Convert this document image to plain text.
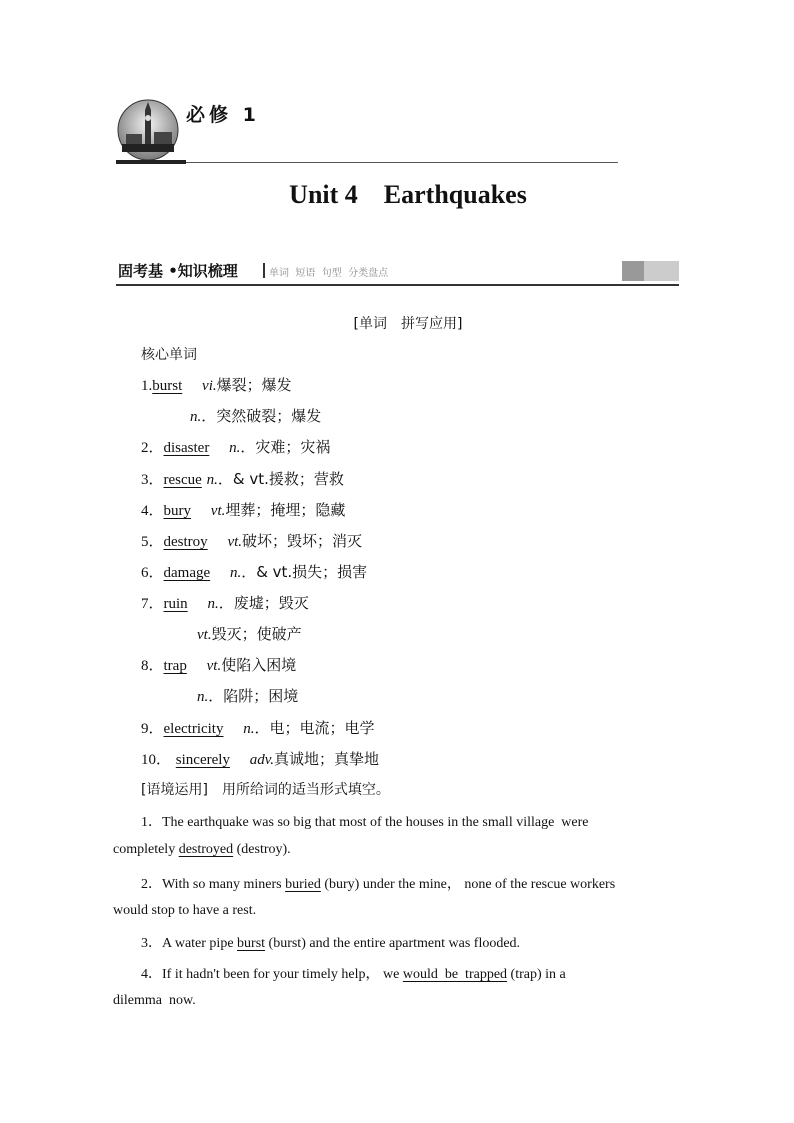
必修 1
Unit 4    Earthquakes
固考基 •知识梳理	单词  短语  句型  分类盘点
[单词　拼写应用]
核心单词
1.burst　 vi.爆裂；爆发
n.．突然破裂；爆发
2．disaster　 n.．灾难；灾祸
3．rescue n.．& vt.援救；营救
4．bury　 vt.埋葬；掩埋；隐藏
5．destroy　 vt.破坏；毁坏；消灭
6．damage　 n.．& vt.损失；损害
7．ruin　 n.．废墟；毁灭
vt.毁灭；使破产
8．trap　 vt.使陷入困境
n.．陷阱；困境
9．electricity　 n.．电；电流；电学
10． sincerely　 adv.真诚地；真挚地
[语境运用]　 用所给词的适当形式填空。
1．The earthquake was so big that most of the houses in the small village  were
completely destroyed (destroy).
2．With so many miners buried (bury) under the mine， none of the rescue workers
would stop to have a rest.
3．A water pipe burst (burst) and the entire apartment was flooded.
4．If it hadn't been for your timely help， we would  be  trapped (trap) in a
dilemma  now.
